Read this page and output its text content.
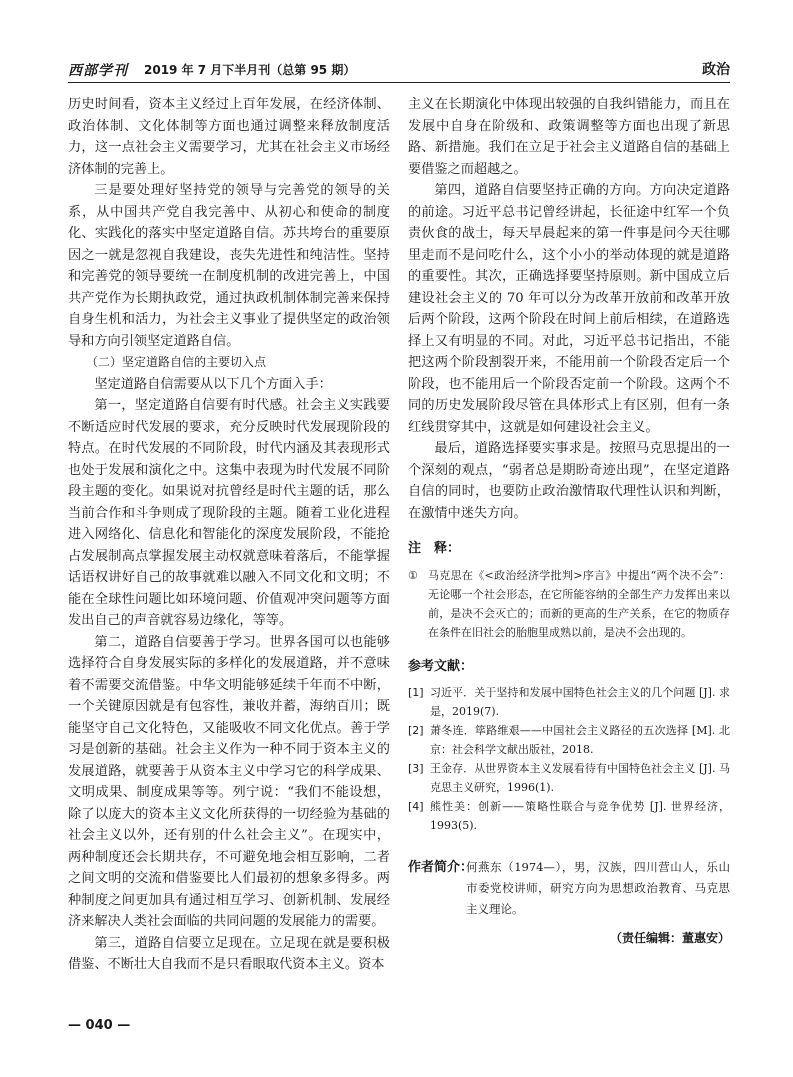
西部学刊 2019 年 7 月下半月刊（总第 95 期）	政治

历史时间看，资本主义经过上百年发展，在经济体制、政治体制、文化体制等方面也通过调整来释放制度活力，这一点社会主义需要学习，尤其在社会主义市场经济体制的完善上。

三是要处理好坚持党的领导与完善党的领导的关系，从中国共产党自我完善中、从初心和使命的制度化、实践化的落实中坚定道路自信。苏共垮台的重要原因之一就是忽视自我建设，丧失先进性和纯洁性。坚持和完善党的领导要统一在制度机制的改进完善上，中国共产党作为长期执政党，通过执政机制体制完善来保持自身生机和活力，为社会主义事业了提供坚定的政治领导和方向引领坚定道路自信。

（二）坚定道路自信的主要切入点

坚定道路自信需要从以下几个方面入手：

第一，坚定道路自信要有时代感。社会主义实践要不断适应时代发展的要求，充分反映时代发展现阶段的特点。在时代发展的不同阶段，时代内涵及其表现形式也处于发展和演化之中。这集中表现为时代发展不同阶段主题的变化。如果说对抗曾经是时代主题的话，那么当前合作和斗争则成了现阶段的主题。随着工业化进程进入网络化、信息化和智能化的深度发展阶段，不能抢占发展制高点掌握发展主动权就意味着落后，不能掌握话语权讲好自己的故事就难以融入不同文化和文明；不能在全球性问题比如环境问题、价值观冲突问题等方面发出自己的声音就容易边缘化，等等。

第二，道路自信要善于学习。世界各国可以也能够选择符合自身发展实际的多样化的发展道路，并不意味着不需要交流借鉴。中华文明能够延续千年而不中断，一个关键原因就是有包容性，兼收并蓄，海纳百川；既能坚守自己文化特色，又能吸收不同文化优点。善于学习是创新的基础。社会主义作为一种不同于资本主义的发展道路，就要善于从资本主义中学习它的科学成果、文明成果、制度成果等等。列宁说：“我们不能设想，除了以庞大的资本主义文化所获得的一切经验为基础的社会主义以外，还有别的什么社会主义”。在现实中，两种制度还会长期共存，不可避免地会相互影响，二者之间文明的交流和借鉴要比人们最初的想象多得多。两种制度之间更加具有通过相互学习、创新机制、发展经济来解决人类社会面临的共同问题的发展能力的需要。

第三，道路自信要立足现在。立足现在就是要积极借鉴、不断壮大自我而不是只看眼取代资本主义。资本

主义在长期演化中体现出较强的自我纠错能力，而且在发展中自身在阶级和、政策调整等方面也出现了新思路、新措施。我们在立足于社会主义道路自信的基础上要借鉴之而超越之。

第四，道路自信要坚持正确的方向。方向决定道路的前途。习近平总书记曾经讲起，长征途中红军一个负责伙食的战士，每天早晨起来的第一件事是问今天往哪里走而不是问吃什么，这个小小的举动体现的就是道路的重要性。其次，正确选择要坚持原则。新中国成立后建设社会主义的 70 年可以分为改革开放前和改革开放后两个阶段，这两个阶段在时间上前后相续，在道路选择上又有明显的不同。对此，习近平总书记指出，不能把这两个阶段割裂开来，不能用前一个阶段否定后一个阶段，也不能用后一个阶段否定前一个阶段。这两个不同的历史发展阶段尽管在具体形式上有区别，但有一条红线贯穿其中，这就是如何建设社会主义。

最后，道路选择要实事求是。按照马克思提出的一个深刻的观点，“弱者总是期盼奇迹出现”，在坚定道路自信的同时，也要防止政治激情取代理性认识和判断，在激情中迷失方向。

注　释：
① 马克思在《<政治经济学批判>序言》中提出“两个决不会”：无论哪一个社会形态，在它所能容纳的全部生产力发挥出来以前，是决不会灭亡的；而新的更高的生产关系，在它的物质存在条件在旧社会的胎胞里成熟以前，是决不会出现的。
参考文献：
[1] 习近平．关于坚持和发展中国特色社会主义的几个问题 [J]. 求是，2019(7).
[2] 萧冬连．筚路维艰——中国社会主义路径的五次选择 [M]. 北京：社会科学文献出版社，2018.
[3] 王金存．从世界资本主义发展看待有中国特色社会主义 [J]. 马克思主义研究，1996(1).
[4] 熊性美：创新——策略性联合与竞争优势 [J]. 世界经济，1993(5).
作者简介：
何燕东（1974—），男，汉族，四川营山人，乐山市委党校讲师，研究方向为思想政治教育、马克思主义理论。
（责任编辑：董惠安）
— 040 —
